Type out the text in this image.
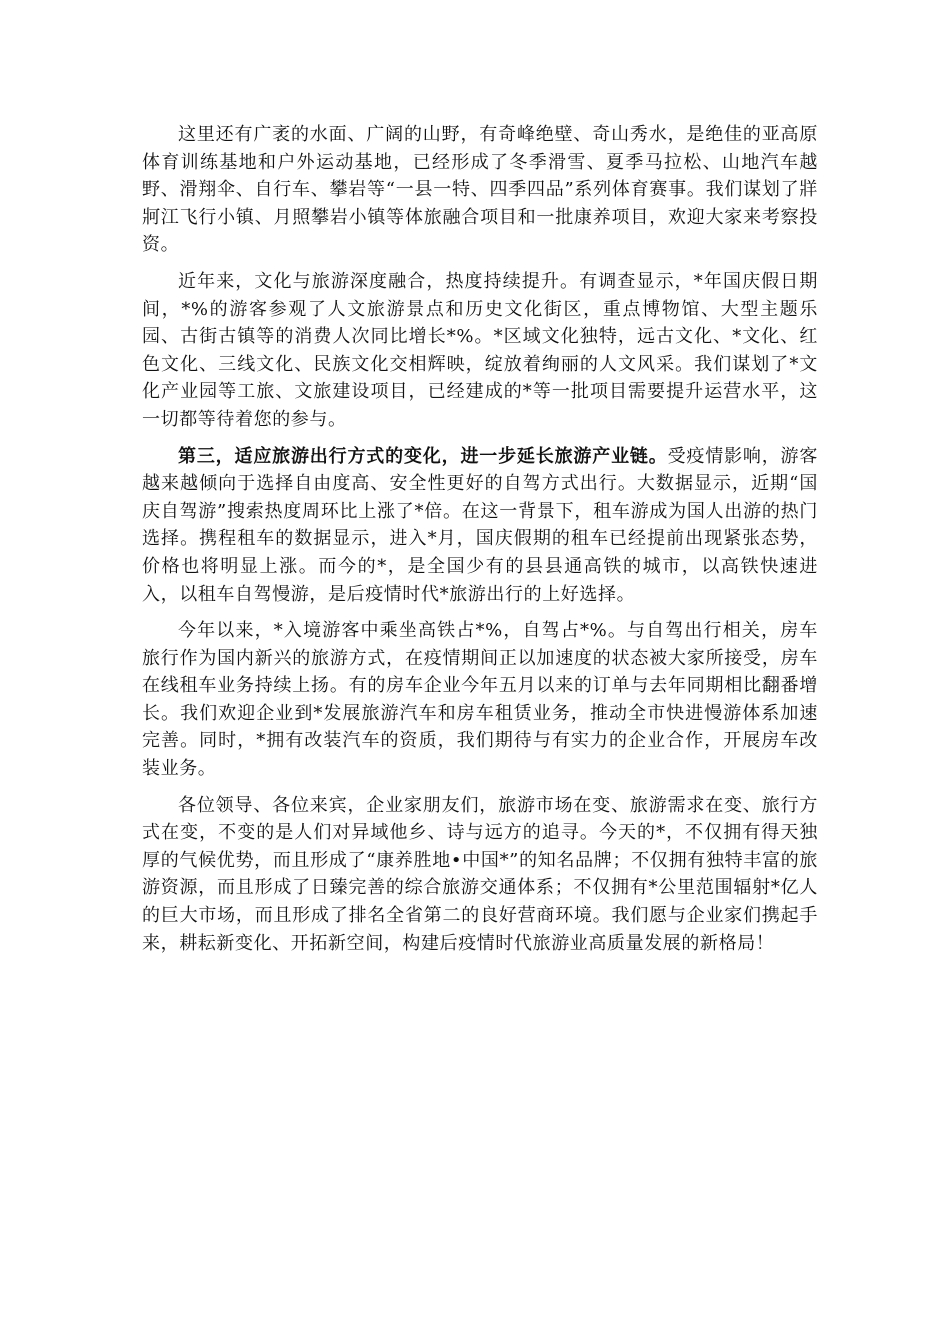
这里还有广袤的水面、广阔的山野，有奇峰绝壁、奇山秀水，是绝佳的亚高原体育训练基地和户外运动基地，已经形成了冬季滑雪、夏季马拉松、山地汽车越野、滑翔伞、自行车、攀岩等“一县一特、四季四品”系列体育赛事。我们谋划了牂牁江飞行小镇、月照攀岩小镇等体旅融合项目和一批康养项目，欢迎大家来考察投资。

近年来，文化与旅游深度融合，热度持续提升。有调查显示，*年国庆假日期间，*%的游客参观了人文旅游景点和历史文化街区，重点博物馆、大型主题乐园、古街古镇等的消费人次同比增长*%。*区域文化独特，远古文化、*文化、红色文化、三线文化、民族文化交相辉映，绽放着绚丽的人文风采。我们谋划了*文化产业园等工旅、文旅建设项目，已经建成的*等一批项目需要提升运营水平，这一切都等待着您的参与。

第三，适应旅游出行方式的变化，进一步延长旅游产业链。受疫情影响，游客越来越倾向于选择自由度高、安全性更好的自驾方式出行。大数据显示，近期“国庆自驾游”搜索热度周环比上涨了*倍。在这一背景下，租车游成为国人出游的热门选择。携程租车的数据显示，进入*月，国庆假期的租车已经提前出现紧张态势，价格也将明显上涨。而今的*，是全国少有的县县通高铁的城市，以高铁快速进入，以租车自驾慢游，是后疫情时代*旅游出行的上好选择。

今年以来，*入境游客中乘坐高铁占*%，自驾占*%。与自驾出行相关，房车旅行作为国内新兴的旅游方式，在疫情期间正以加速度的状态被大家所接受，房车在线租车业务持续上扬。有的房车企业今年五月以来的订单与去年同期相比翻番增长。我们欢迎企业到*发展旅游汽车和房车租赁业务，推动全市快进慢游体系加速完善。同时，*拥有改装汽车的资质，我们期待与有实力的企业合作，开展房车改装业务。

各位领导、各位来宾，企业家朋友们，旅游市场在变、旅游需求在变、旅行方式在变，不变的是人们对异域他乡、诗与远方的追寻。今天的*，不仅拥有得天独厚的气候优势，而且形成了“康养胜地•中国*”的知名品牌；不仅拥有独特丰富的旅游资源，而且形成了日臻完善的综合旅游交通体系；不仅拥有*公里范围辐射*亿人的巨大市场，而且形成了排名全省第二的良好营商环境。我们愿与企业家们携起手来，耕耘新变化、开拓新空间，构建后疫情时代旅游业高质量发展的新格局！
